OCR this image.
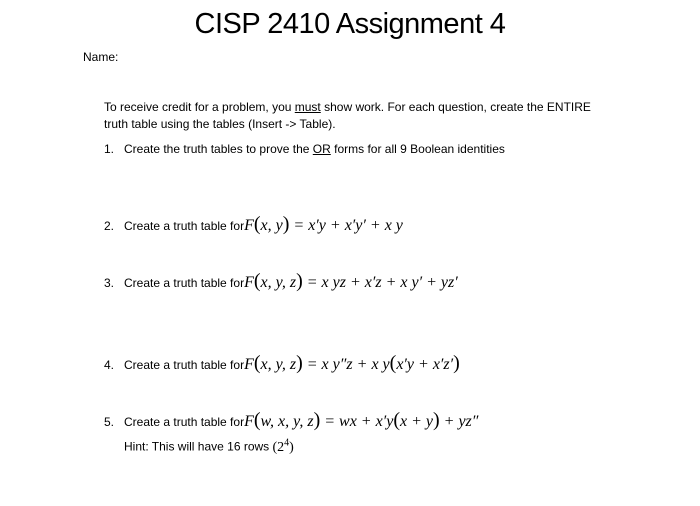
CISP 2410 Assignment 4
Name:
To receive credit for a problem, you must show work. For each question, create the ENTIRE truth table using the tables (Insert -> Table).
1. Create the truth tables to prove the OR forms for all 9 Boolean identities
2. Create a truth table for F(x, y) = x′y + x′y′ + x y
3. Create a truth table for F(x, y, z) = x yz + x′z + x y′ + yz′
4. Create a truth table for F(x, y, z) = x y″z + x y(x′y + x′z′)
5. Create a truth table for F(w, x, y, z) = wx + x′y(x + y) + yz″
Hint: This will have 16 rows $(2^4)$
